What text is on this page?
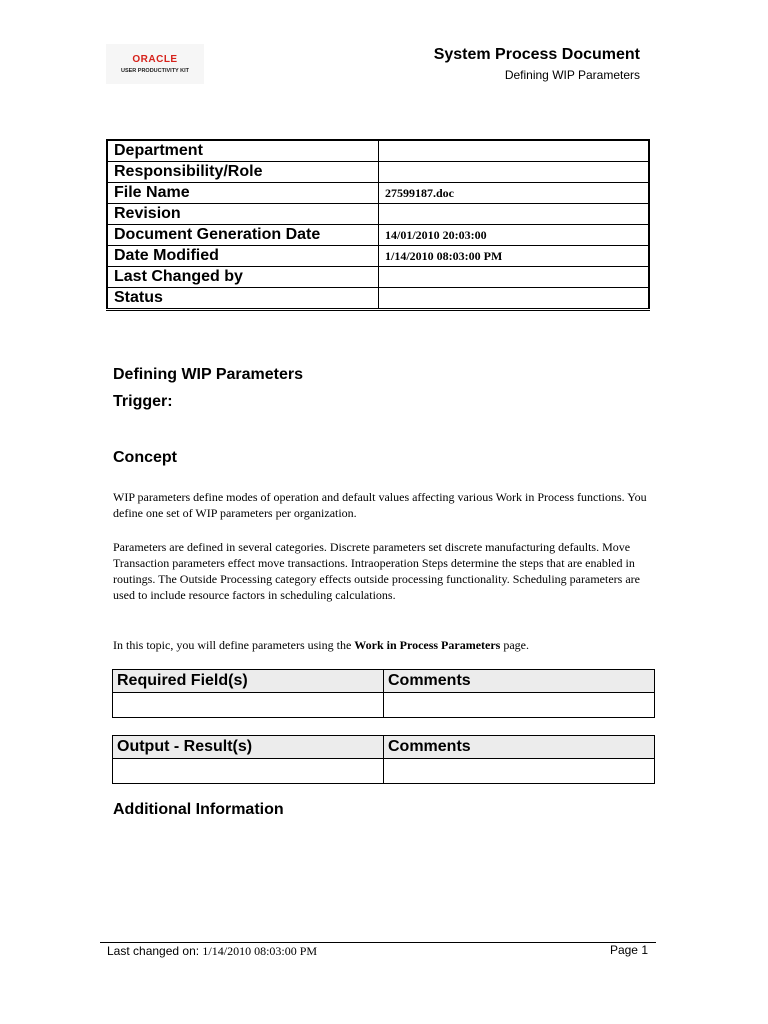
ORACLE
USER PRODUCTIVITY KIT
System Process Document
Defining WIP Parameters
Department	
Responsibility/Role	
File Name	27599187.doc
Revision	
Document Generation Date	14/01/2010 20:03:00
Date Modified	1/14/2010 08:03:00 PM
Last Changed by	
Status	
Defining WIP Parameters
Trigger:
Concept
WIP parameters define modes of operation and default values affecting various Work in Process functions. You define one set of WIP parameters per organization.
Parameters are defined in several categories. Discrete parameters set discrete manufacturing defaults. Move Transaction parameters effect move transactions. Intraoperation Steps determine the steps that are enabled in routings. The Outside Processing category effects outside processing functionality. Scheduling parameters are used to include resource factors in scheduling calculations.
In this topic, you will define parameters using the Work in Process Parameters page.
Required Field(s)	Comments

Output - Result(s)	Comments

Additional Information
Last changed on: 1/14/2010 08:03:00 PM	Page 1
